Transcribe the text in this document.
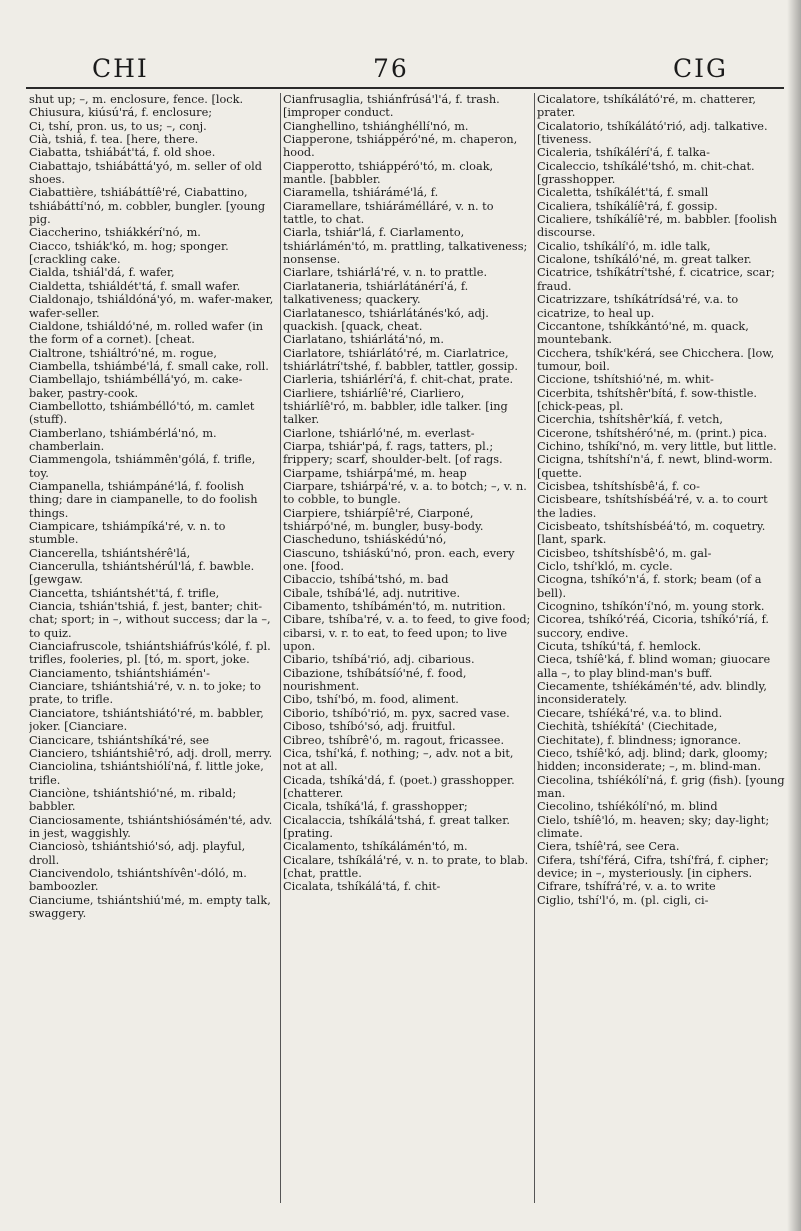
CHI	76	CIG

shut up; –, m. enclosure, fence. [lock.

Chiusura, kiúsú'rá, f. enclosure;

Ci, tshí, pron. us, to us; –, conj.

Cià, tshiá, f. tea. [here, there.

Ciabatta, tshiábát'tá, f. old shoe.

Ciabattajo, tshiábáttá'yó, m. seller of old shoes.

Ciabattière, tshiábáttíê'ré, Ciabattino, tshiábáttí'nó, m. cobbler, bungler. [young pig.

Ciaccherino, tshiákkérí'nó, m.

Ciacco, tshiák'kó, m. hog; sponger. [crackling cake.

Cialda, tshiál'dá, f. wafer,

Cialdetta, tshiáldét'tá, f. small wafer.

Cialdonajo, tshiáldóná'yó, m. wafer-maker, wafer-seller.

Cialdone, tshiáldó'né, m. rolled wafer (in the form of a cornet). [cheat.

Cialtrone, tshiáltró'né, m. rogue,

Ciambella, tshiámbé'lá, f. small cake, roll.

Ciambellajo, tshiámbéllá'yó, m. cake-baker, pastry-cook.

Ciambellotto, tshiámbélló'tó, m. camlet (stuff).

Ciamberlano, tshiámbérlá'nó, m. chamberlain.

Ciammengola, tshiámmên'gólá, f. trifle, toy.

Ciampanella, tshiámpáné'lá, f. foolish thing; dare in ciampanelle, to do foolish things.

Ciampicare, tshiámpíká'ré, v. n. to stumble.

Ciancerella, tshiántshérê'lá,

Ciancerulla, tshiántshérúl'lá, f. bawble. [gewgaw.

Ciancetta, tshiántshét'tá, f. trifle,

Ciancia, tshián'tshiá, f. jest, banter; chit-chat; sport; in –, without success; dar la –, to quiz.

Cianciafruscole, tshiántshiáfrús'kólé, f. pl. trifles, fooleries, pl. [tó, m. sport, joke.

Cianciamento, tshiántshiámén'-

Cianciare, tshiántshiá'ré, v. n. to joke; to prate, to trifle.

Cianciatore, tshiántshiátó'ré, m. babbler, joker. [Cianciare.

Ciancicare, tshiántshíká'ré, see

Cianciero, tshiántshiê'ró, adj. droll, merry.

Cianciolina, tshiántshiólí'ná, f. little joke, trifle.

Cianciòne, tshiántshió'né, m. ribald; babbler.

Cianciosamente, tshiántshiósámén'té, adv. in jest, waggishly.

Cianciosò, tshiántshió'só, adj. playful, droll.

Ciancivendolo, tshiántshívên'-dóló, m. bamboozler.

Cianciume, tshiántshiú'mé, m. empty talk, swaggery.

Cianfrusaglia, tshiánfrúsá'l'á, f. trash. [improper conduct.

Cianghellino, tshiánghéllí'nó, m.

Ciapperone, tshiáppéró'né, m. chaperon, hood.

Ciapperotto, tshiáppéró'tó, m. cloak, mantle. [babbler.

Ciaramella, tshiárámé'lá, f.

Ciaramellare, tshiárámélláré, v. n. to tattle, to chat.

Ciarla, tshiár'lá, f. Ciarlamento, tshiárlámén'tó, m. prattling, talkativeness; nonsense.

Ciarlare, tshiárlá'ré, v. n. to prattle.

Ciarlataneria, tshiárlátánérí'á, f. talkativeness; quackery.

Ciarlatanesco, tshiárlátánés'kó, adj. quackish. [quack, cheat.

Ciarlatano, tshiárlátá'nó, m.

Ciarlatore, tshiárlátó'ré, m. Ciarlatrice, tshiárlátrí'tshé, f. babbler, tattler, gossip.

Ciarleria, tshiárlérí'á, f. chit-chat, prate.

Ciarliere, tshiárlíê'ré, Ciarliero, tshiárlíê'ró, m. babbler, idle talker. [ing talker.

Ciarlone, tshiárló'né, m. everlast-

Ciarpa, tshiár'pá, f. rags, tatters, pl.; frippery; scarf, shoulder-belt. [of rags.

Ciarpame, tshiárpá'mé, m. heap

Ciarpare, tshiárpá'ré, v. a. to botch; –, v. n. to cobble, to bungle.

Ciarpiere, tshiárpíê'ré, Ciarponé, tshiárpó'né, m. bungler, busy-body.

Ciascheduno, tshiáskédú'nó,

Ciascuno, tshiáskú'nó, pron. each, every one. [food.

Cibaccio, tshíbá'tshó, m. bad

Cibale, tshíbá'lé, adj. nutritive.

Cibamento, tshíbámén'tó, m. nutrition.

Cibare, tshíba'ré, v. a. to feed, to give food; cibarsi, v. r. to eat, to feed upon; to live upon.

Cibario, tshíbá'rió, adj. cibarious.

Cibazione, tshíbátsíó'né, f. food, nourishment.

Cibo, tshí'bó, m. food, aliment.

Ciborio, tshíbó'rió, m. pyx, sacred vase.

Ciboso, tshíbó'só, adj. fruitful.

Cibreo, tshíbrê'ó, m. ragout, fricassee.

Cica, tshí'ká, f. nothing; –, adv. not a bit, not at all.

Cicada, tshíká'dá, f. (poet.) grasshopper. [chatterer.

Cicala, tshíká'lá, f. grasshopper;

Cicalaccia, tshíkálá'tshá, f. great talker. [prating.

Cicalamento, tshíkálámén'tó, m.

Cicalare, tshíkálá'ré, v. n. to prate, to blab. [chat, prattle.

Cicalata, tshíkálá'tá, f. chit-

Cicalatore, tshíkálátó'ré, m. chatterer, prater.

Cicalatorio, tshíkálátó'rió, adj. talkative. [tiveness.

Cicaleria, tshíkálérí'á, f. talka-

Cicaleccio, tshíkálé'tshó, m. chit-chat. [grasshopper.

Cicaletta, tshíkálét'tá, f. small

Cicaliera, tshíkálíê'rá, f. gossip.

Cicaliere, tshíkálíê'ré, m. babbler. [foolish discourse.

Cicalio, tshíkálí'ó, m. idle talk,

Cicalone, tshíkáló'né, m. great talker.

Cicatrice, tshíkátrí'tshé, f. cicatrice, scar; fraud.

Cicatrizzare, tshíkátrídsá'ré, v.a. to cicatrize, to heal up.

Ciccantone, tshíkkántó'né, m. quack, mountebank.

Cicchera, tshík'kérá, see Chicchera. [low, tumour, boil.

Ciccione, tshítshió'né, m. whit-

Cicerbita, tshítshêr'bítá, f. sow-thistle. [chick-peas, pl.

Cicerchia, tshítshêr'kíá, f. vetch,

Cicerone, tshítshéró'né, m. (print.) pica.

Cichino, tshíkí'nó, m. very little, but little.

Cicigna, tshítshí'n'á, f. newt, blind-worm. [quette.

Cicisbea, tshítshísbê'á, f. co-

Cicisbeare, tshítshísbéá'ré, v. a. to court the ladies.

Cicisbeato, tshítshísbéá'tó, m. coquetry. [lant, spark.

Cicisbeo, tshítshísbê'ó, m. gal-

Ciclo, tshí'kló, m. cycle.

Cicogna, tshíkó'n'á, f. stork; beam (of a bell).

Cicognino, tshíkón'í'nó, m. young stork.

Cicorea, tshíkó'réá, Cicoria, tshíkó'ríá, f. succory, endive.

Cicuta, tshíkú'tá, f. hemlock.

Cieca, tshíê'ká, f. blind woman; giuocare alla –, to play blind-man's buff.

Ciecamente, tshíékámén'té, adv. blindly, inconsiderately.

Ciecare, tshíéká'ré, v.a. to blind.

Ciechità, tshíékítá' (Ciechitade, Ciechitate), f. blindness; ignorance.

Cieco, tshíê'kó, adj. blind; dark, gloomy; hidden; inconsiderate; –, m. blind-man.

Ciecolina, tshíékólí'ná, f. grig (fish). [young man.

Ciecolino, tshíékólí'nó, m. blind

Cielo, tshíê'ló, m. heaven; sky; day-light; climate.

Ciera, tshíê'rá, see Cera.

Cifera, tshí'férá, Cifra, tshí'frá, f. cipher; device; in –, mysteriously. [in ciphers.

Cifrare, tshífrá'ré, v. a. to write

Ciglio, tshí'l'ó, m. (pl. cigli, ci-
